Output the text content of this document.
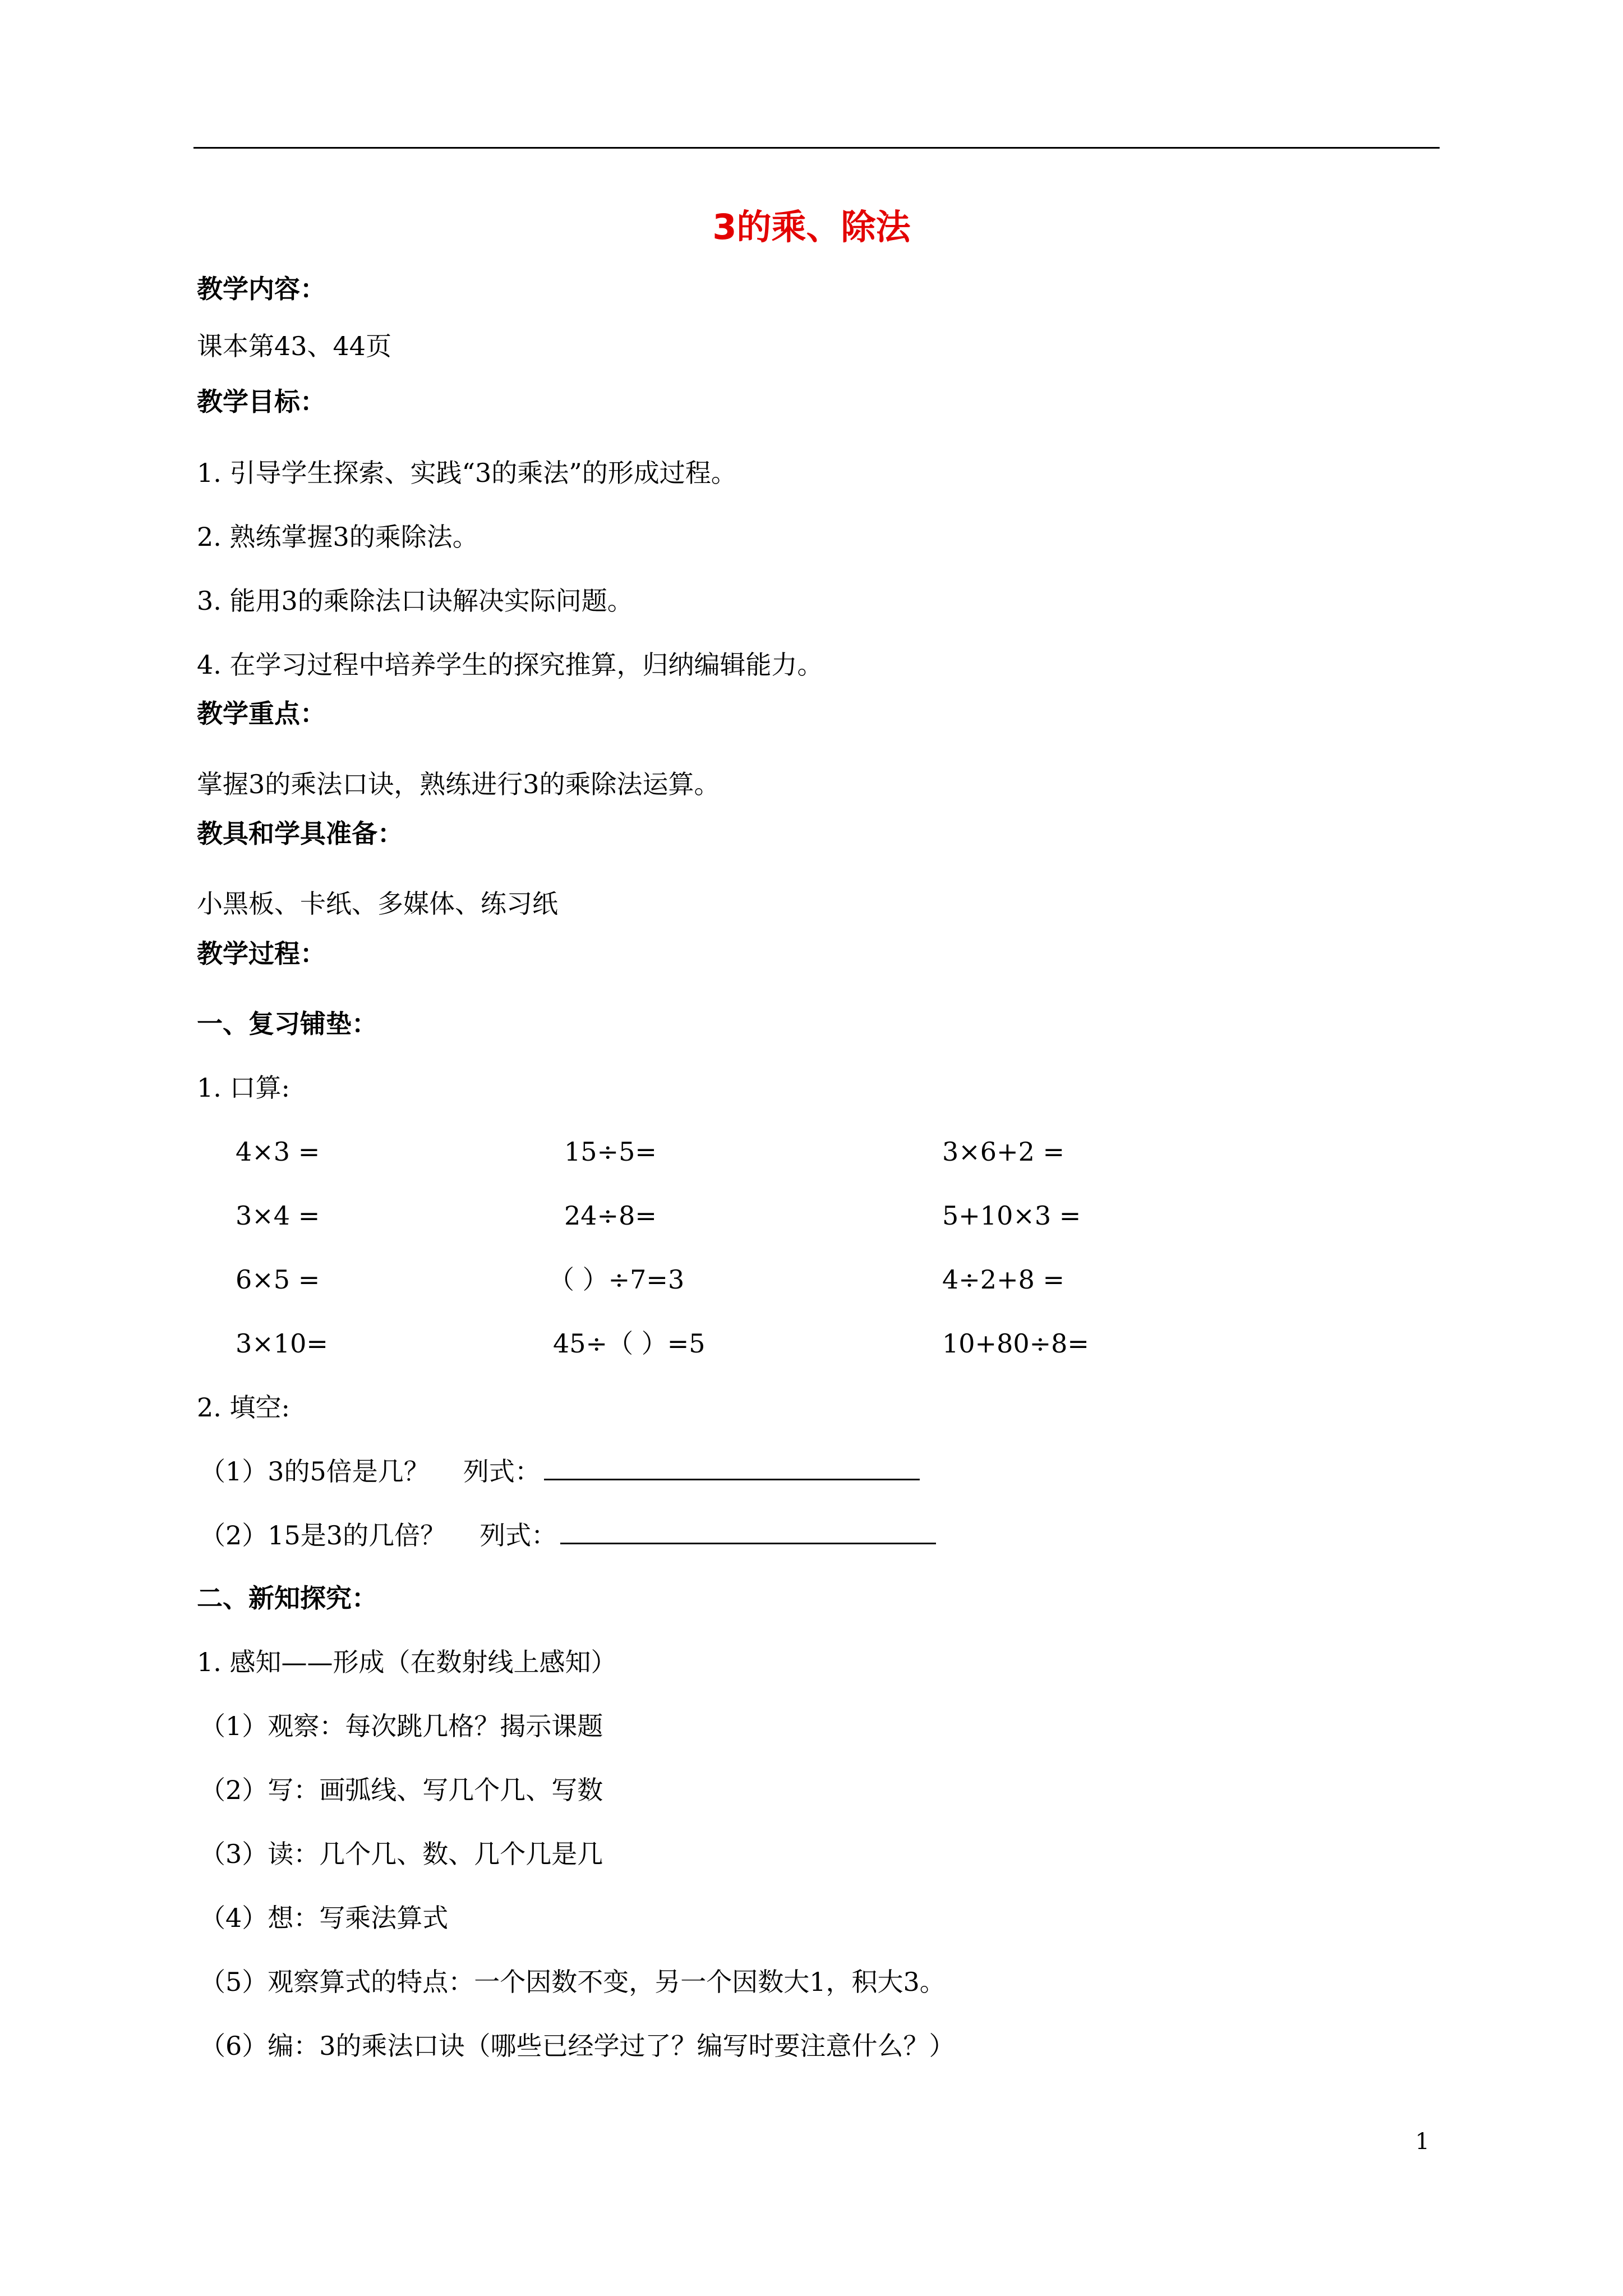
3的乘、除法
教学内容：
课本第43、44页
教学目标：
1. 引导学生探索、实践“3的乘法”的形成过程。
2. 熟练掌握3的乘除法。
3. 能用3的乘除法口诀解决实际问题。
4. 在学习过程中培养学生的探究推算，归纳编辑能力。
教学重点：
掌握3的乘法口诀，熟练进行3的乘除法运算。
教具和学具准备：
小黑板、卡纸、多媒体、练习纸
教学过程：
一、复习铺垫：
1. 口算:
4×3 =	15÷5=	3×6+2 =
3×4 =	24÷8=	5+10×3 =
6×5 =	（ ）÷7=3	4÷2+8 =
3×10=	45÷（ ）=5	10+80÷8=
2. 填空:
（1）3的5倍是几？ 列式：
（2）15是3的几倍？ 列式：
二、新知探究：
1. 感知——形成（在数射线上感知）
（1）观察：每次跳几格？揭示课题
（2）写：画弧线、写几个几、写数
（3）读：几个几、数、几个几是几
（4）想：写乘法算式
（5）观察算式的特点：一个因数不变，另一个因数大1，积大3。
（6）编：3的乘法口诀（哪些已经学过了？编写时要注意什么？）
1
